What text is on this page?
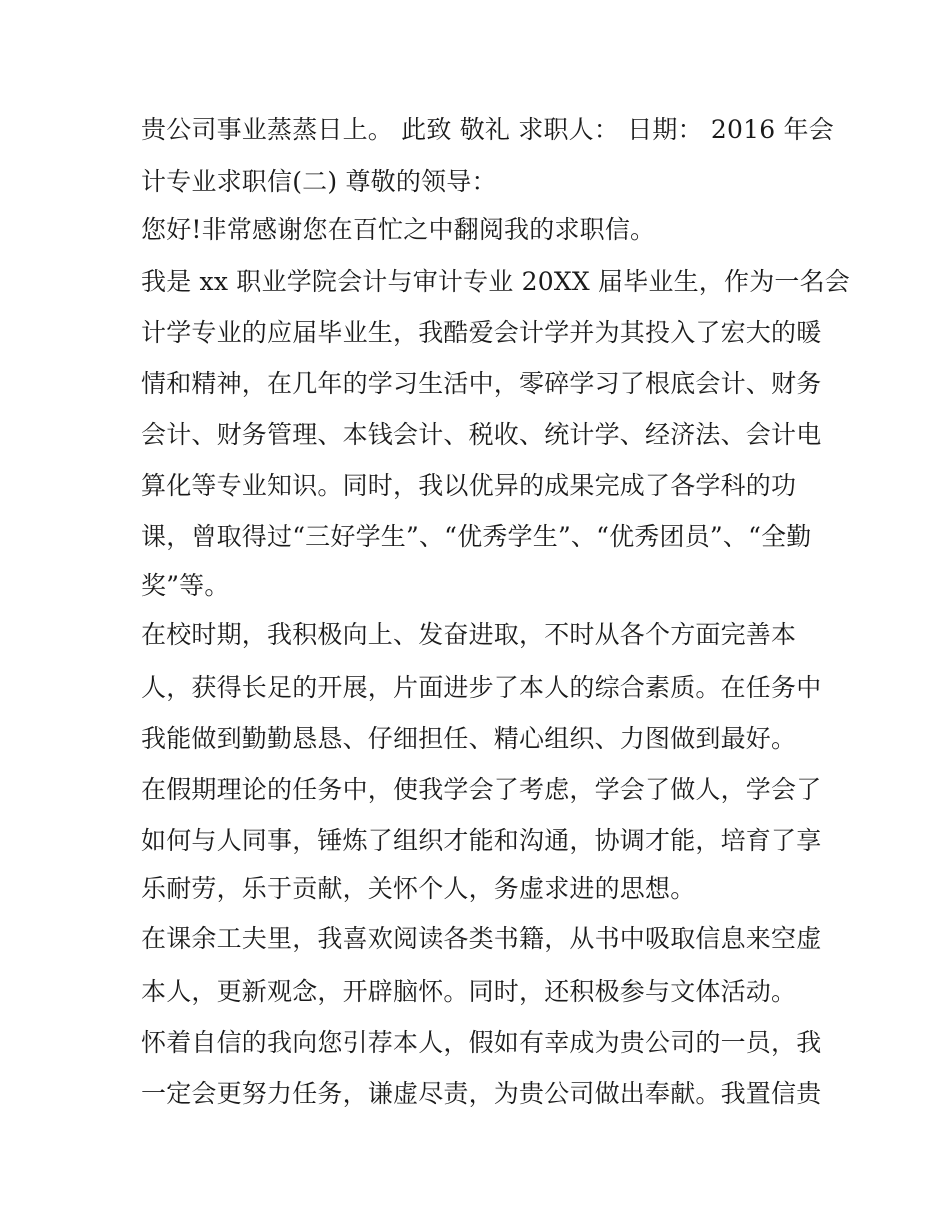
贵公司事业蒸蒸日上。 此致 敬礼 求职人： 日期： 2016 年会
计专业求职信(二) 尊敬的领导：
您好!非常感谢您在百忙之中翻阅我的求职信。
我是 xx 职业学院会计与审计专业 20XX 届毕业生，作为一名会
计学专业的应届毕业生，我酷爱会计学并为其投入了宏大的暖
情和精神，在几年的学习生活中，零碎学习了根底会计、财务
会计、财务管理、本钱会计、税收、统计学、经济法、会计电
算化等专业知识。同时，我以优异的成果完成了各学科的功
课，曾取得过“三好学生”、“优秀学生”、“优秀团员”、“全勤
奖”等。
在校时期，我积极向上、发奋进取，不时从各个方面完善本
人，获得长足的开展，片面进步了本人的综合素质。在任务中
我能做到勤勤恳恳、仔细担任、精心组织、力图做到最好。
在假期理论的任务中，使我学会了考虑，学会了做人，学会了
如何与人同事，锤炼了组织才能和沟通，协调才能，培育了享
乐耐劳，乐于贡献，关怀个人，务虚求进的思想。
在课余工夫里，我喜欢阅读各类书籍，从书中吸取信息来空虚
本人，更新观念，开辟脑怀。同时，还积极参与文体活动。
怀着自信的我向您引荐本人，假如有幸成为贵公司的一员，我
一定会更努力任务，谦虚尽责，为贵公司做出奉献。我置信贵
